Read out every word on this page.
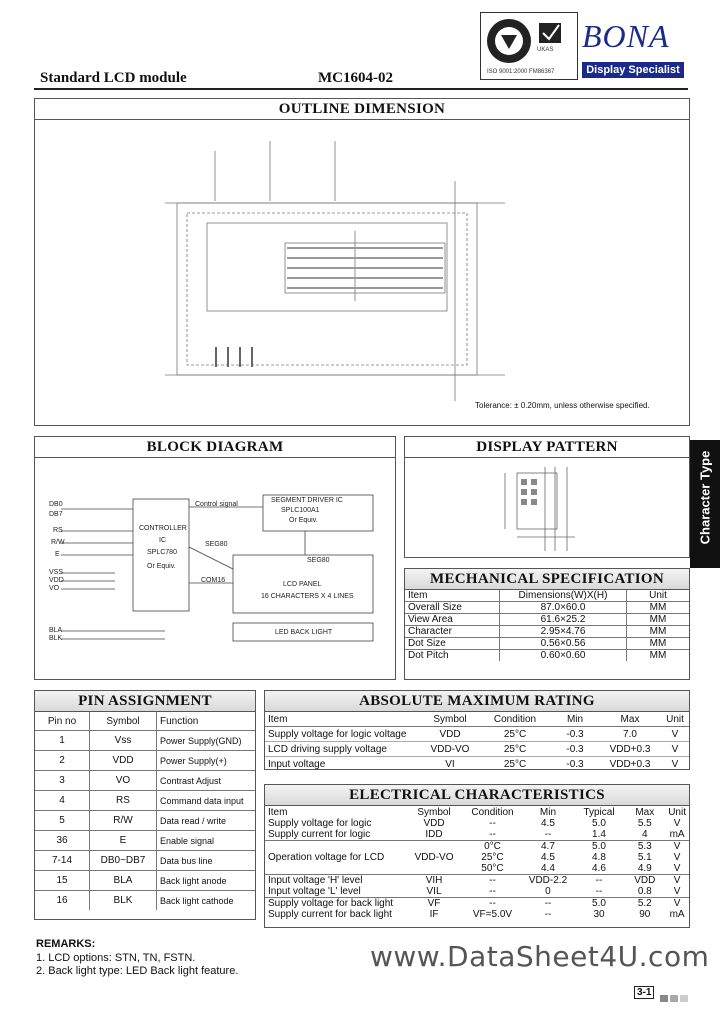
Standard LCD module	MC1604-02
UKAS
ISO 9001:2000 FM86367
BONA
Display Specialist
Character Type
OUTLINE DIMENSION
Tolerance: ± 0.20mm, unless otherwise specified.
BLOCK DIAGRAM
DB0
DB7
RS
R/W
E
VSS
VDD
VO
BLA
BLK
CONTROLLER
IC
SPLC780
Or Equiv.
Control signal
SEGMENT DRIVER IC
SPLC100A1
Or Equiv.
SEG80
SEG80
COM16
LCD PANEL
16 CHARACTERS X 4 LINES
LED BACK LIGHT
DISPLAY PATTERN
MECHANICAL SPECIFICATION
Item	Dimensions(W)X(H)	Unit
Overall Size	87.0×60.0	MM
View Area	61.6×25.2	MM
Character	2.95×4.76	MM
Dot Size	0.56×0.56	MM
Dot Pitch	0.60×0.60	MM
PIN ASSIGNMENT
Pin no	Symbol	Function
1	Vss	Power Supply(GND)
2	VDD	Power Supply(+)
3	VO	Contrast Adjust
4	RS	Command data input
5	R/W	Data read / write
36	E	Enable signal
7-14	DB0~DB7	Data bus line
15	BLA	Back light anode
16	BLK	Back light cathode
ABSOLUTE MAXIMUM RATING
Item	Symbol	Condition	Min	Max	Unit
Supply voltage for logic voltage	VDD	25°C	-0.3	7.0	V
LCD driving supply voltage	VDD-VO	25°C	-0.3	VDD+0.3	V
Input voltage	VI	25°C	-0.3	VDD+0.3	V
ELECTRICAL CHARACTERISTICS
Item	Symbol	Condition	Min	Typical	Max	Unit
Supply voltage for logic	VDD	--	4.5	5.0	5.5	V
Supply current for logic	IDD	--	--	1.4	4	mA
Operation voltage for LCD	VDD-VO	0°C	4.7	5.0	5.3	V
		25°C	4.5	4.8	5.1	V
		50°C	4.4	4.6	4.9	V
Input voltage 'H' level	VIH	--	VDD-2.2	--	VDD	V
Input voltage 'L' level	VIL	--	0	--	0.8	V
Supply voltage for back light	VF	--	--	5.0	5.2	V
Supply current for back light	IF	VF=5.0V	--	30	90	mA
REMARKS:
1. LCD options: STN, TN, FSTN.
2. Back light type: LED Back light feature.	www.DataSheet4U.com
3-1
